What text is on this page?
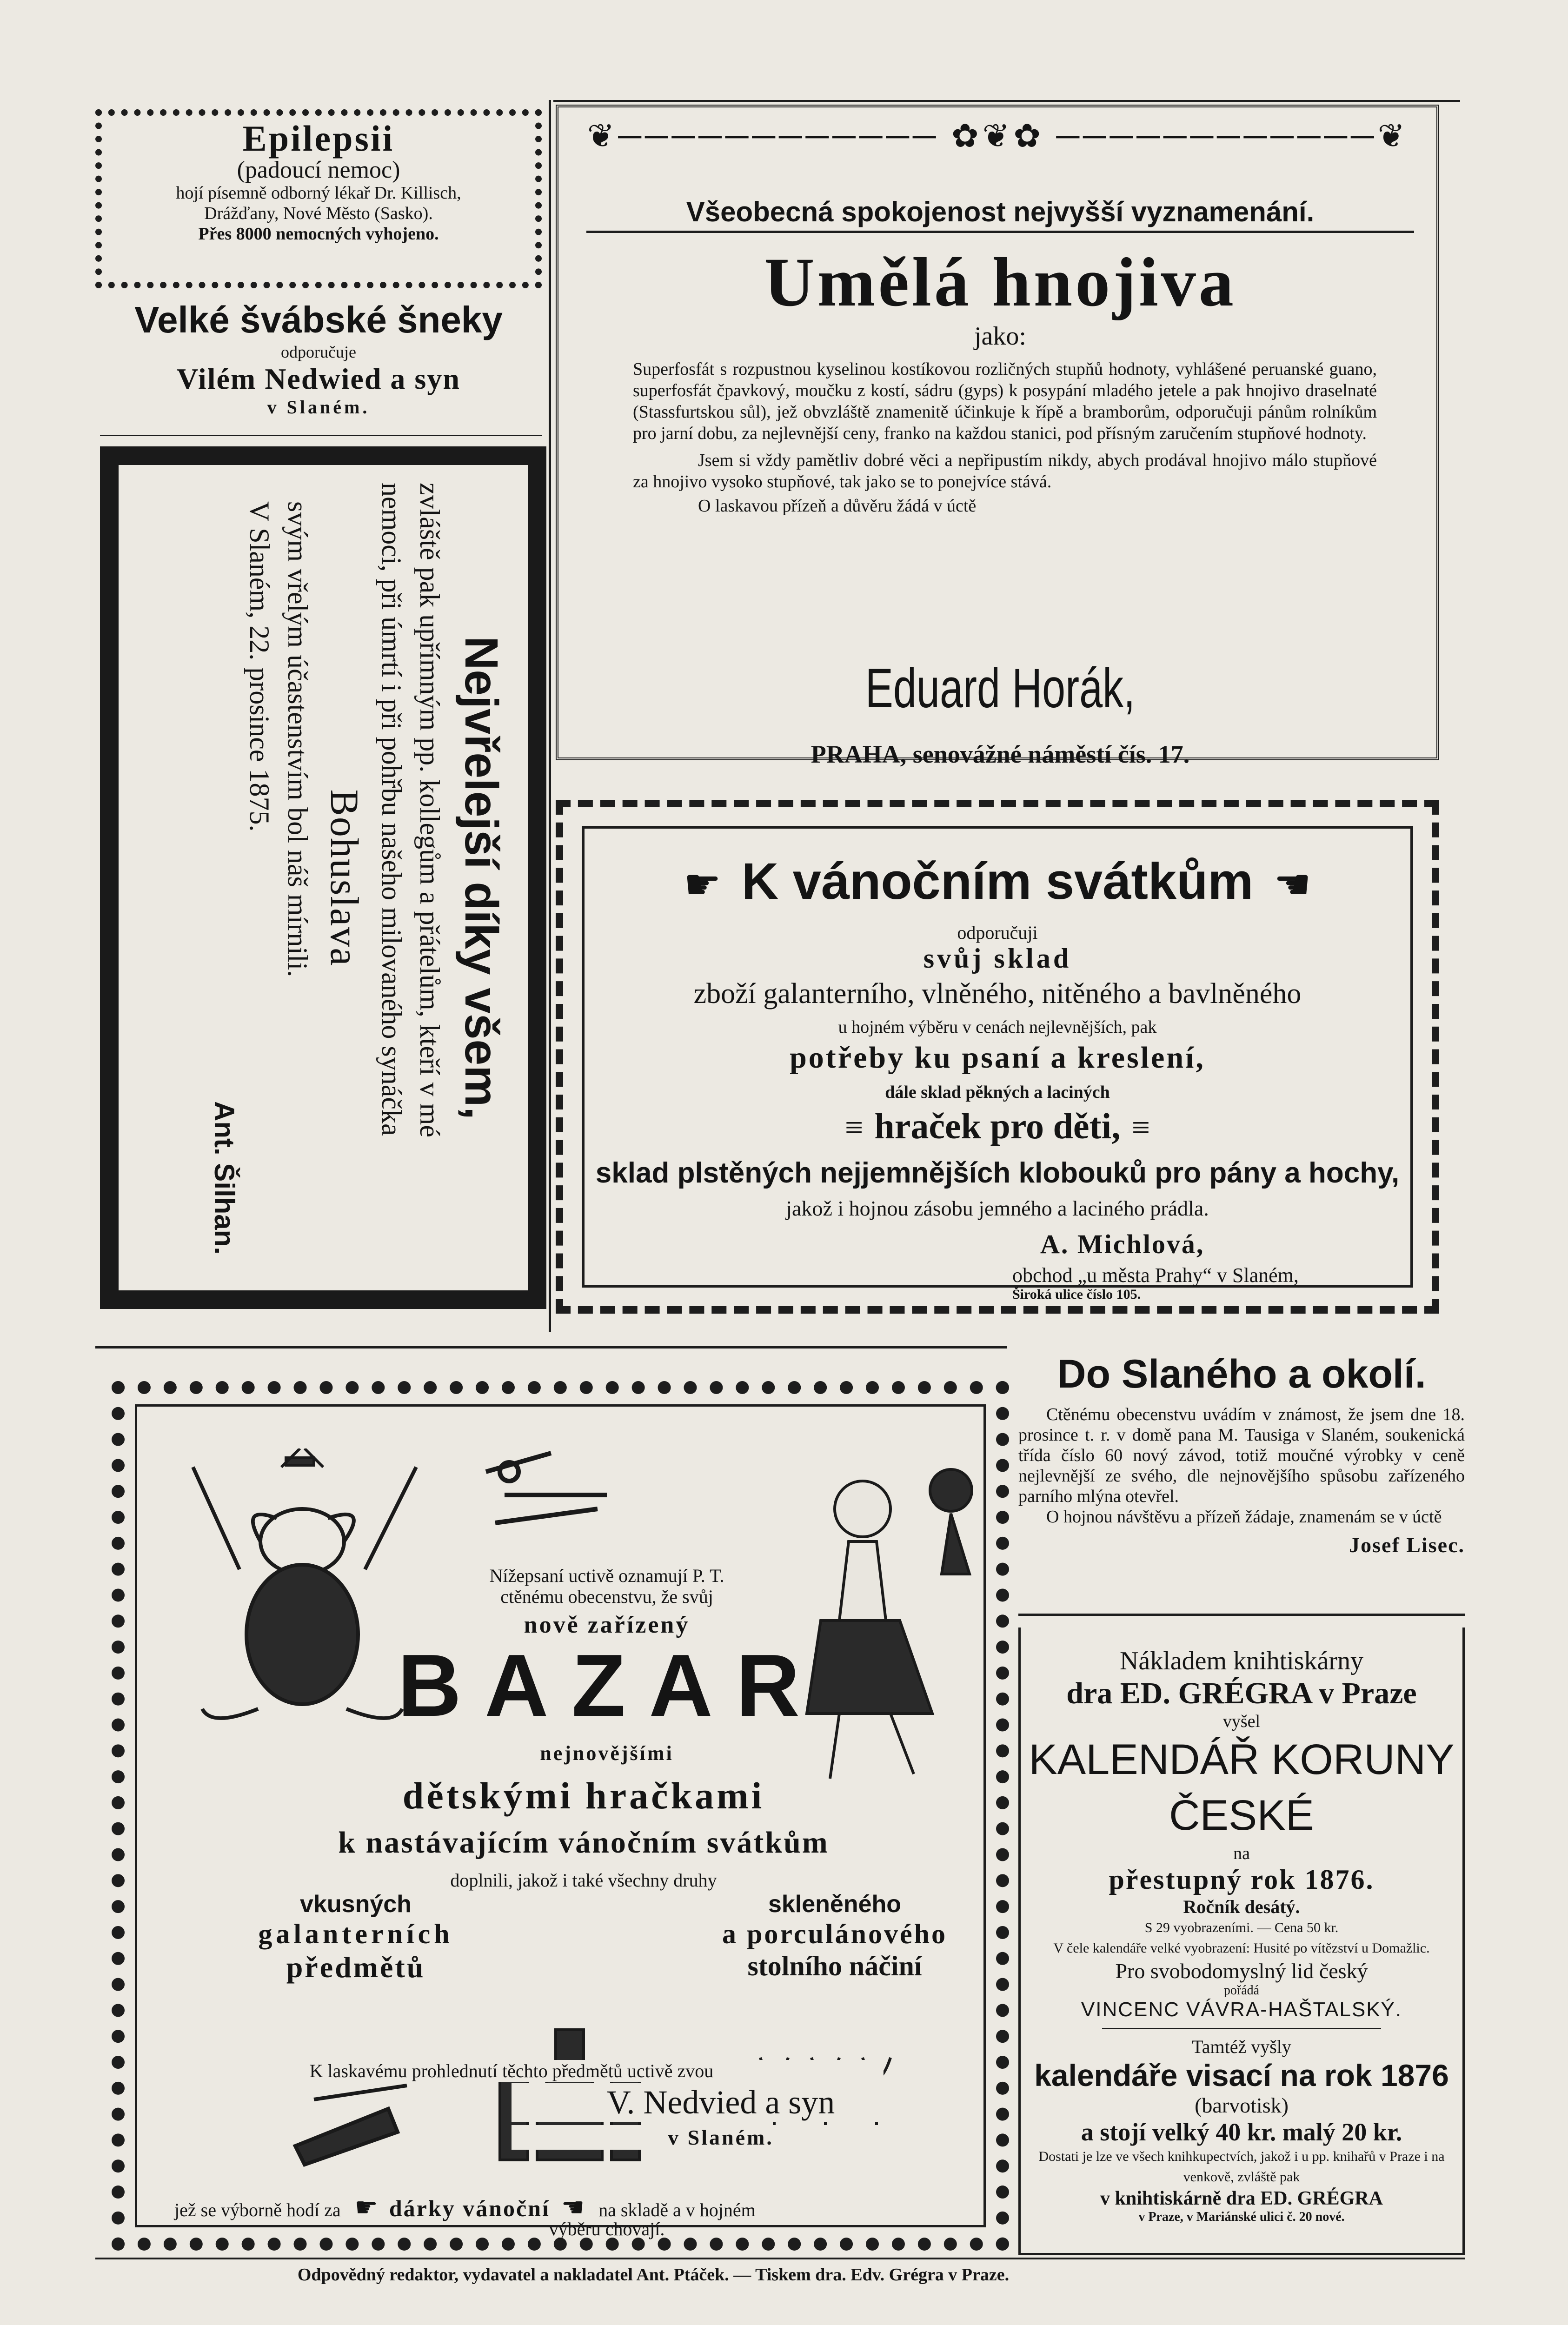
Epilepsii
(padoucí nemoc)
hojí písemně odborný lékař Dr. Killisch,
Drážďany, Nové Město (Sasko).
Přes 8000 nemocných vyhojeno.
Velké švábské šneky
odporučuje
Vilém Nedwied a syn
v Slaném.
Nejvřelejší díky všem,
zvláště pak upřímným pp. kollegům a přátelům, kteří v mé
nemoci, při úmrtí i při pohřbu našeho milovaného synáčka
Bohuslava
svým vřelým účastenstvím bol náš mírnili.
V Slaném, 22. prosince 1875.
Ant. Šilhan.
❦──────────── ✿❦✿ ────────────❦
Všeobecná spokojenost nejvyšší vyznamenání.
Umělá hnojiva
jako:

Superfosfát s rozpustnou kyselinou kostíkovou rozličných stupňů hodnoty, vyhlášené peruanské guano, superfosfát čpavkový, moučku z kostí, sádru (gyps) k posypání mladého jetele a pak hnojivo draselnaté (Stassfurtskou sůl), jež obvzláště znamenitě účinkuje k řípě a bramborům, odporučuji pánům rolníkům pro jarní dobu, za nejlevnější ceny, franko na každou stanici, pod přísným zaručením stupňové hodnoty.

Jsem si vždy pamětliv dobré věci a nepřipustím nikdy, abych prodával hnojivo málo stupňové za hnojivo vysoko stupňové, tak jako se to ponejvíce stává.

O laskavou přízeň a důvěru žádá v úctě

Eduard Horák,
PRAHA, senovážné náměstí čís. 17.
☛ K vánočním svátkům ☚
odporučuji
svůj sklad
zboží galanterního, vlněného, nitěného a bavlněného
u hojném výběru v cenách nejlevnějších, pak
potřeby ku psaní a kreslení,
dále sklad pěkných a laciných
≡ hraček pro děti, ≡
sklad plstěných nejjemnějších klobouků pro pány a hochy,
jakož i hojnou zásobu jemného a laciného prádla.
A. Michlová,
obchod „u města Prahy“ v Slaném,
Široká ulice číslo 105.
Nížepsaní uctivě oznamují P. T.
ctěnému obecenstvu, že svůj
nově zařízený
BAZAR
nejnovějšími
dětskými hračkami
k nastávajícím vánočním svátkům
doplnili, jakož i také všechny druhy
vkusných
galanterních
předmětů
skleněného
a porculánového
stolního náčiní
jež se výborně hodí za ☛ dárky vánoční ☚ na skladě a v hojném
výběru chovají.
K laskavému prohlednutí těchto předmětů uctivě zvou
V. Nedvied a syn
v Slaném.
Do Slaného a okolí.

Ctěnému obecenstvu uvádím v známost, že jsem dne 18. prosince t. r. v domě pana M. Tausiga v Slaném, soukenická třída číslo 60 nový závod, totiž moučné výrobky v ceně nejlevnější ze svého, dle nejnovějšího spůsobu zařízeného parního mlýna otevřel.

O hojnou návštěvu a přízeň žádaje, znamenám se v úctě

Josef Lisec.
Nákladem knihtiskárny
dra ED. GRÉGRA v Praze
vyšel
KALENDÁŘ KORUNY ČESKÉ
na
přestupný rok 1876.
Ročník desátý.
S 29 vyobrazeními. — Cena 50 kr.
V čele kalendáře velké vyobrazení: Husité po vítězství u Domažlic.
Pro svobodomyslný lid český
pořádá
VINCENC VÁVRA-HAŠTALSKÝ.
Tamtéž vyšly
kalendáře visací na rok 1876
(barvotisk)
a stojí velký 40 kr. malý 20 kr.
Dostati je lze ve všech knihkupectvích, jakož i u pp. knihařů v Praze i na venkově, zvláště pak
v knihtiskárně dra ED. GRÉGRA
v Praze, v Mariánské ulici č. 20 nové.
Odpovědný redaktor, vydavatel a nakladatel Ant. Ptáček. — Tiskem dra. Edv. Grégra v Praze.
